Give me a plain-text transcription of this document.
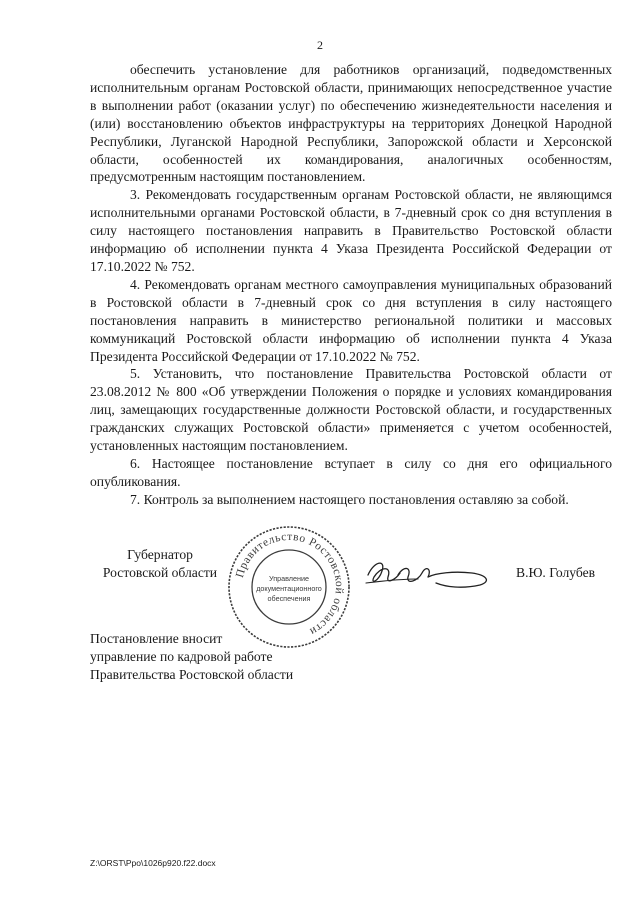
2

обеспечить установление для работников организаций, подведомственных исполнительным органам Ростовской области, принимающих непосредственное участие в выполнении работ (оказании услуг) по обеспечению жизнедеятельности населения и (или) восстановлению объектов инфраструктуры на территориях Донецкой Народной Республики, Луганской Народной Республики, Запорожской области и Херсонской области, особенностей их командирования, аналогичных особенностям, предусмотренным настоящим постановлением.

3. Рекомендовать государственным органам Ростовской области, не являющимся исполнительными органами Ростовской области, в 7-дневный срок со дня вступления в силу настоящего постановления направить в Правительство Ростовской области информацию об исполнении пункта 4 Указа Президента Российской Федерации от 17.10.2022 № 752.

4. Рекомендовать органам местного самоуправления муниципальных образований в Ростовской области в 7-дневный срок со дня вступления в силу настоящего постановления направить в министерство региональной политики и массовых коммуникаций Ростовской области информацию об исполнении пункта 4 Указа Президента Российской Федерации от 17.10.2022 № 752.

5. Установить, что постановление Правительства Ростовской области от 23.08.2012 № 800 «Об утверждении Положения о порядке и условиях командирования лиц, замещающих государственные должности Ростовской области, и государственных гражданских служащих Ростовской области» применяется с учетом особенностей, установленных настоящим постановлением.

6. Настоящее постановление вступает в силу со дня его официального опубликования.

7. Контроль за выполнением настоящего постановления оставляю за собой.

Губернатор
Ростовской области	Правительство Ростовской области
Управление
документационного
обеспечения
В.Ю. Голубев
Постановление вносит
управление по кадровой работе
Правительства Ростовской области
Z:\ORST\Ppo\1026p920.f22.docx
